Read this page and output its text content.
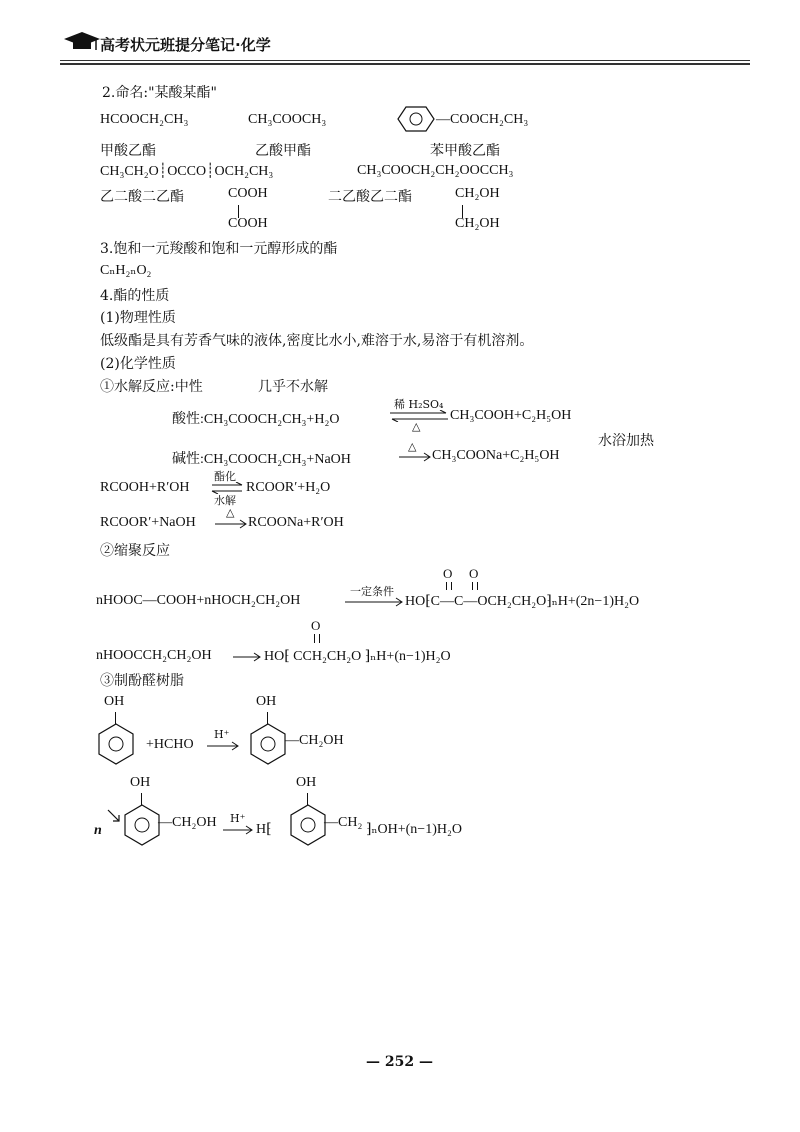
高考状元班提分笔记·化学
2.命名:"某酸某酯"
HCOOCH₂CH₃	CH₃COOCH₃	—COOCH₂CH₃
甲酸乙酯	乙酸甲酯	苯甲酸乙酯
CH₃CH₂O┊OCCO┊OCH₂CH₃	CH₃COOCH₂CH₂OOCCH₃
乙二酸二乙酯	COOH
COOH
二乙酸乙二酯	CH₂OH
CH₂OH
3.饱和一元羧酸和饱和一元醇形成的酯
CₙH₂ₙO₂
4.酯的性质
(1)物理性质
低级酯是具有芳香气味的液体,密度比水小,难溶于水,易溶于有机溶剂。
(2)化学性质
①水解反应:中性	几乎不水解
酸性:CH₃COOCH₂CH₃+H₂O
稀 H₂SO₄
△
CH₃COOH+C₂H₅OH
水浴加热
碱性:CH₃COOCH₂CH₃+NaOH
△
CH₃COONa+C₂H₅OH
RCOOH+R′OH
酯化
水解
RCOOR′+H₂O
RCOOR′+NaOH
△
RCOONa+R′OH
②缩聚反应
O O
nHOOC—COOH+nHOCH₂CH₂OH
一定条件
HO⁅C—C—OCH₂CH₂O⁆ₙH+(2n−1)H₂O
O
nHOOCCH₂CH₂OH	HO⁅ CCH₂CH₂O ⁆ₙH+(n−1)H₂O
③制酚醛树脂
OH
+HCHO
H⁺
OH
—CH₂OH
n
OH
—CH₂OH H⁺
H⁅
OH
—CH₂ ⁆ₙOH+(n−1)H₂O
— 252 —
